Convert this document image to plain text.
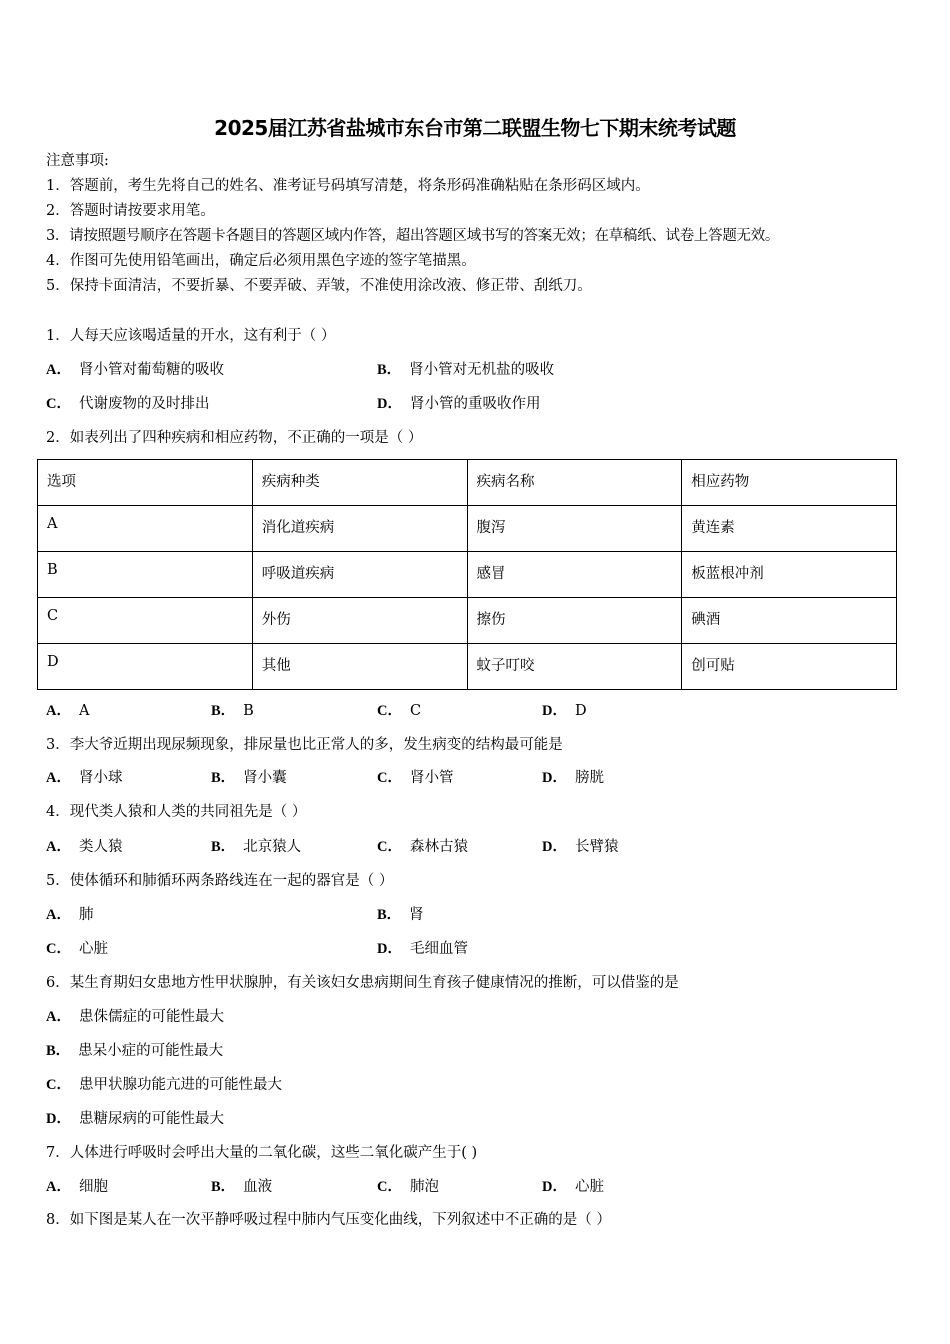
2025届江苏省盐城市东台市第二联盟生物七下期末统考试题
注意事项:
1．答题前，考生先将自己的姓名、准考证号码填写清楚，将条形码准确粘贴在条形码区域内。
2．答题时请按要求用笔。
3．请按照题号顺序在答题卡各题目的答题区域内作答，超出答题区域书写的答案无效；在草稿纸、试卷上答题无效。
4．作图可先使用铅笔画出，确定后必须用黑色字迹的签字笔描黑。
5．保持卡面清洁，不要折暴、不要弄破、弄皱，不准使用涂改液、修正带、刮纸刀。
1．人每天应该喝适量的开水，这有利于（ ）
A． 肾小管对葡萄糖的吸收	B． 肾小管对无机盐的吸收
C． 代谢废物的及时排出	D． 肾小管的重吸收作用
2．如表列出了四种疾病和相应药物，不正确的一项是（ ）
选项	疾病种类	疾病名称	相应药物
A	消化道疾病	腹泻	黄连素
B	呼吸道疾病	感冒	板蓝根冲剂
C	外伤	擦伤	碘酒
D	其他	蚊子叮咬	创可贴
A． A	B． B	C． C	D． D
3．李大爷近期出现尿频现象，排尿量也比正常人的多，发生病变的结构最可能是
A． 肾小球	B． 肾小囊	C． 肾小管	D． 膀胱
4．现代类人猿和人类的共同祖先是（ ）
A． 类人猿	B． 北京猿人	C． 森林古猿	D． 长臂猿
5．使体循环和肺循环两条路线连在一起的器官是（ ）
A． 肺	B． 肾
C． 心脏	D． 毛细血管
6．某生育期妇女患地方性甲状腺肿，有关该妇女患病期间生育孩子健康情况的推断，可以借鉴的是
A． 患侏儒症的可能性最大
B． 患呆小症的可能性最大
C． 患甲状腺功能亢进的可能性最大
D． 患糖尿病的可能性最大
7．人体进行呼吸时会呼出大量的二氧化碳，这些二氧化碳产生于( )
A． 细胞	B． 血液	C． 肺泡	D． 心脏
8．如下图是某人在一次平静呼吸过程中肺内气压变化曲线，下列叙述中不正确的是（ ）
